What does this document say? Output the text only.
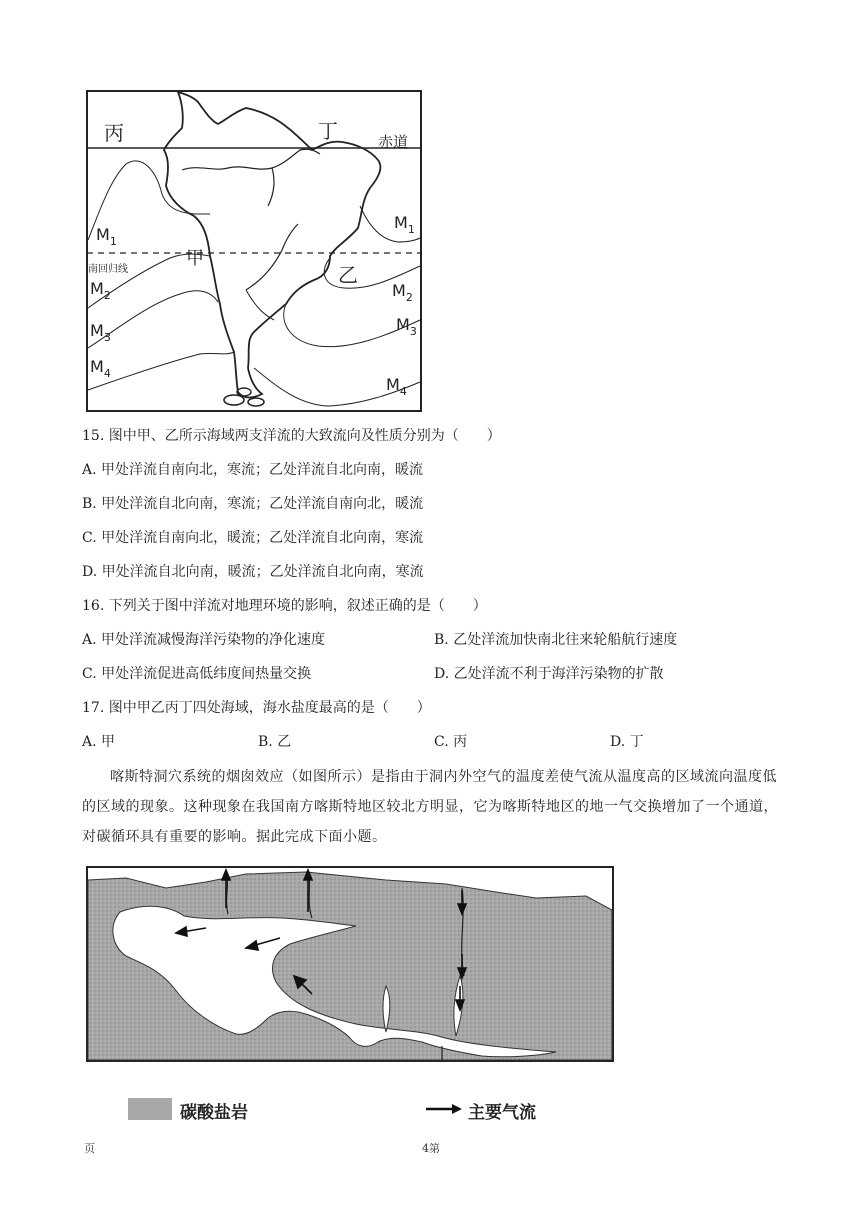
丙	丁	赤道
甲
乙
南回归线
$M_1$
$M_2$
$M_3$
$M_4$
$M_1$
$M_2$
$M_3$
$M_4$
15. 图中甲、乙所示海域两支洋流的大致流向及性质分别为（　　）
A. 甲处洋流自南向北，寒流；乙处洋流自北向南，暖流
B. 甲处洋流自北向南，寒流；乙处洋流自南向北，暖流
C. 甲处洋流自南向北，暖流；乙处洋流自北向南，寒流
D. 甲处洋流自北向南，暖流；乙处洋流自北向南，寒流
16. 下列关于图中洋流对地理环境的影响，叙述正确的是（　　）
A. 甲处洋流减慢海洋污染物的净化速度	B. 乙处洋流加快南北往来轮船航行速度
C. 甲处洋流促进高低纬度间热量交换	D. 乙处洋流不利于海洋污染物的扩散
17. 图中甲乙丙丁四处海域，海水盐度最高的是（　　）
A. 甲	B. 乙	C. 丙	D. 丁
喀斯特洞穴系统的烟囱效应（如图所示）是指由于洞内外空气的温度差使气流从温度高的区域流向温度低的区域的现象。这种现象在我国南方喀斯特地区较北方明显，它为喀斯特地区的地一气交换增加了一个通道，对碳循环具有重要的影响。据此完成下面小题。
碳酸盐岩	主要气流
页	4第
